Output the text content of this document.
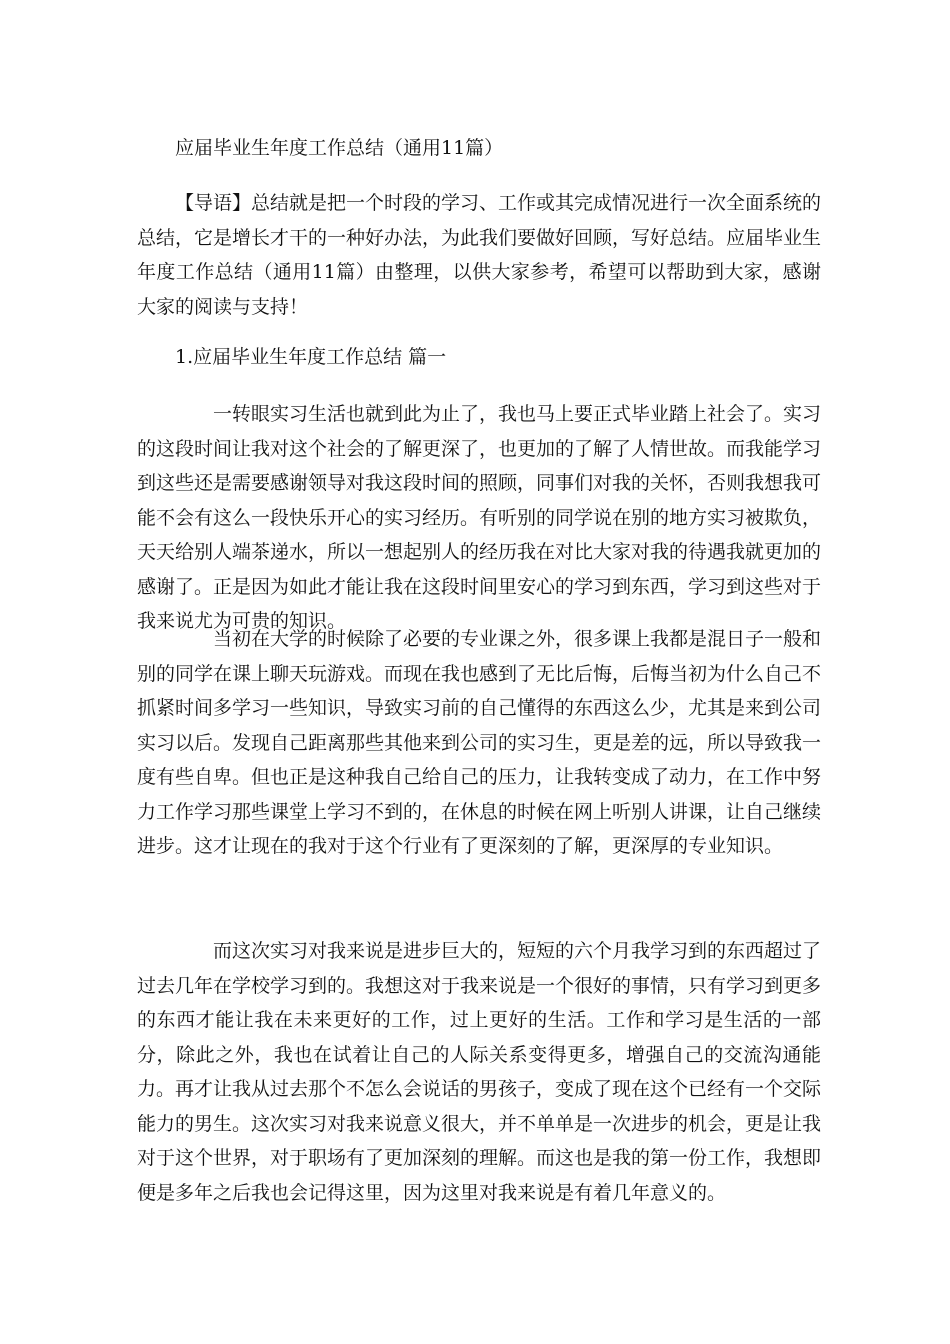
应届毕业生年度工作总结（通用11篇）

【导语】总结就是把一个时段的学习、工作或其完成情况进行一次全面系统的总结，它是增长才干的一种好办法，为此我们要做好回顾，写好总结。应届毕业生年度工作总结（通用11篇）由整理，以供大家参考，希望可以帮助到大家，感谢大家的阅读与支持！

1.应届毕业生年度工作总结 篇一

一转眼实习生活也就到此为止了，我也马上要正式毕业踏上社会了。实习的这段时间让我对这个社会的了解更深了，也更加的了解了人情世故。而我能学习到这些还是需要感谢领导对我这段时间的照顾，同事们对我的关怀，否则我想我可能不会有这么一段快乐开心的实习经历。有听别的同学说在别的地方实习被欺负，天天给别人端茶递水，所以一想起别人的经历我在对比大家对我的待遇我就更加的感谢了。正是因为如此才能让我在这段时间里安心的学习到东西，学习到这些对于我来说尤为可贵的知识。

当初在大学的时候除了必要的专业课之外，很多课上我都是混日子一般和别的同学在课上聊天玩游戏。而现在我也感到了无比后悔，后悔当初为什么自己不抓紧时间多学习一些知识，导致实习前的自己懂得的东西这么少，尤其是来到公司实习以后。发现自己距离那些其他来到公司的实习生，更是差的远，所以导致我一度有些自卑。但也正是这种我自己给自己的压力，让我转变成了动力，在工作中努力工作学习那些课堂上学习不到的，在休息的时候在网上听别人讲课，让自己继续进步。这才让现在的我对于这个行业有了更深刻的了解，更深厚的专业知识。

而这次实习对我来说是进步巨大的，短短的六个月我学习到的东西超过了过去几年在学校学习到的。我想这对于我来说是一个很好的事情，只有学习到更多的东西才能让我在未来更好的工作，过上更好的生活。工作和学习是生活的一部分，除此之外，我也在试着让自己的人际关系变得更多，增强自己的交流沟通能力。再才让我从过去那个不怎么会说话的男孩子，变成了现在这个已经有一个交际能力的男生。这次实习对我来说意义很大，并不单单是一次进步的机会，更是让我对于这个世界，对于职场有了更加深刻的理解。而这也是我的第一份工作，我想即便是多年之后我也会记得这里，因为这里对我来说是有着几年意义的。
